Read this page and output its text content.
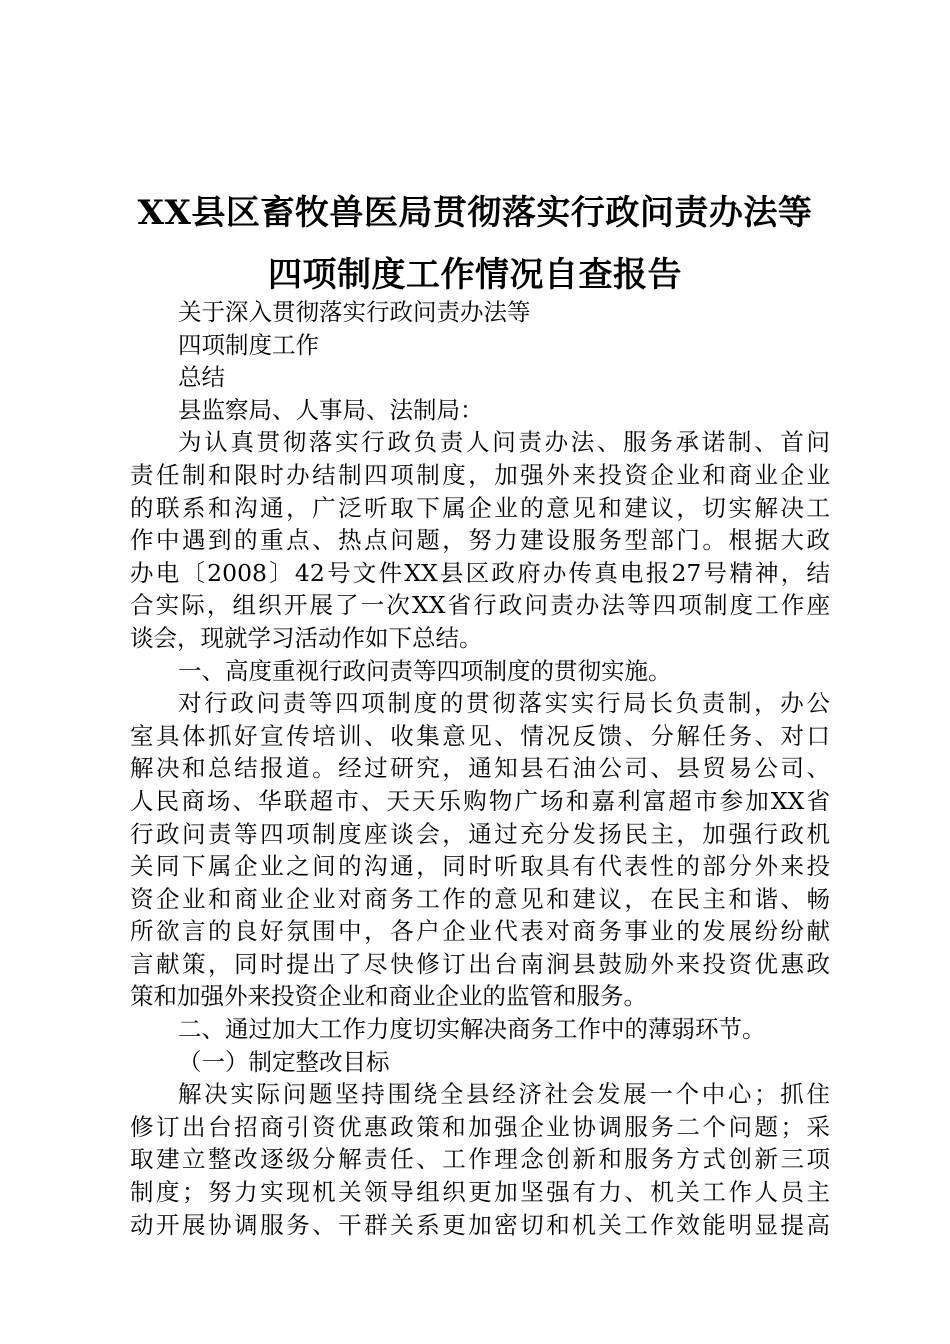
XX县区畜牧兽医局贯彻落实行政问责办法等
四项制度工作情况自查报告
关于深入贯彻落实行政问责办法等
四项制度工作
总结
县监察局、人事局、法制局：
为认真贯彻落实行政负责人问责办法、服务承诺制、首问
责任制和限时办结制四项制度，加强外来投资企业和商业企业
的联系和沟通，广泛听取下属企业的意见和建议，切实解决工
作中遇到的重点、热点问题，努力建设服务型部门。根据大政
办电〔2008〕42号文件XX县区政府办传真电报27号精神，结
合实际，组织开展了一次XX省行政问责办法等四项制度工作座
谈会，现就学习活动作如下总结。
一、高度重视行政问责等四项制度的贯彻实施。
对行政问责等四项制度的贯彻落实实行局长负责制，办公
室具体抓好宣传培训、收集意见、情况反馈、分解任务、对口
解决和总结报道。经过研究，通知县石油公司、县贸易公司、
人民商场、华联超市、天天乐购物广场和嘉利富超市参加XX省
行政问责等四项制度座谈会，通过充分发扬民主，加强行政机
关同下属企业之间的沟通，同时听取具有代表性的部分外来投
资企业和商业企业对商务工作的意见和建议，在民主和谐、畅
所欲言的良好氛围中，各户企业代表对商务事业的发展纷纷献
言献策，同时提出了尽快修订出台南涧县鼓励外来投资优惠政
策和加强外来投资企业和商业企业的监管和服务。
二、通过加大工作力度切实解决商务工作中的薄弱环节。
（一）制定整改目标
解决实际问题坚持围绕全县经济社会发展一个中心；抓住
修订出台招商引资优惠政策和加强企业协调服务二个问题；采
取建立整改逐级分解责任、工作理念创新和服务方式创新三项
制度；努力实现机关领导组织更加坚强有力、机关工作人员主
动开展协调服务、干群关系更加密切和机关工作效能明显提高
